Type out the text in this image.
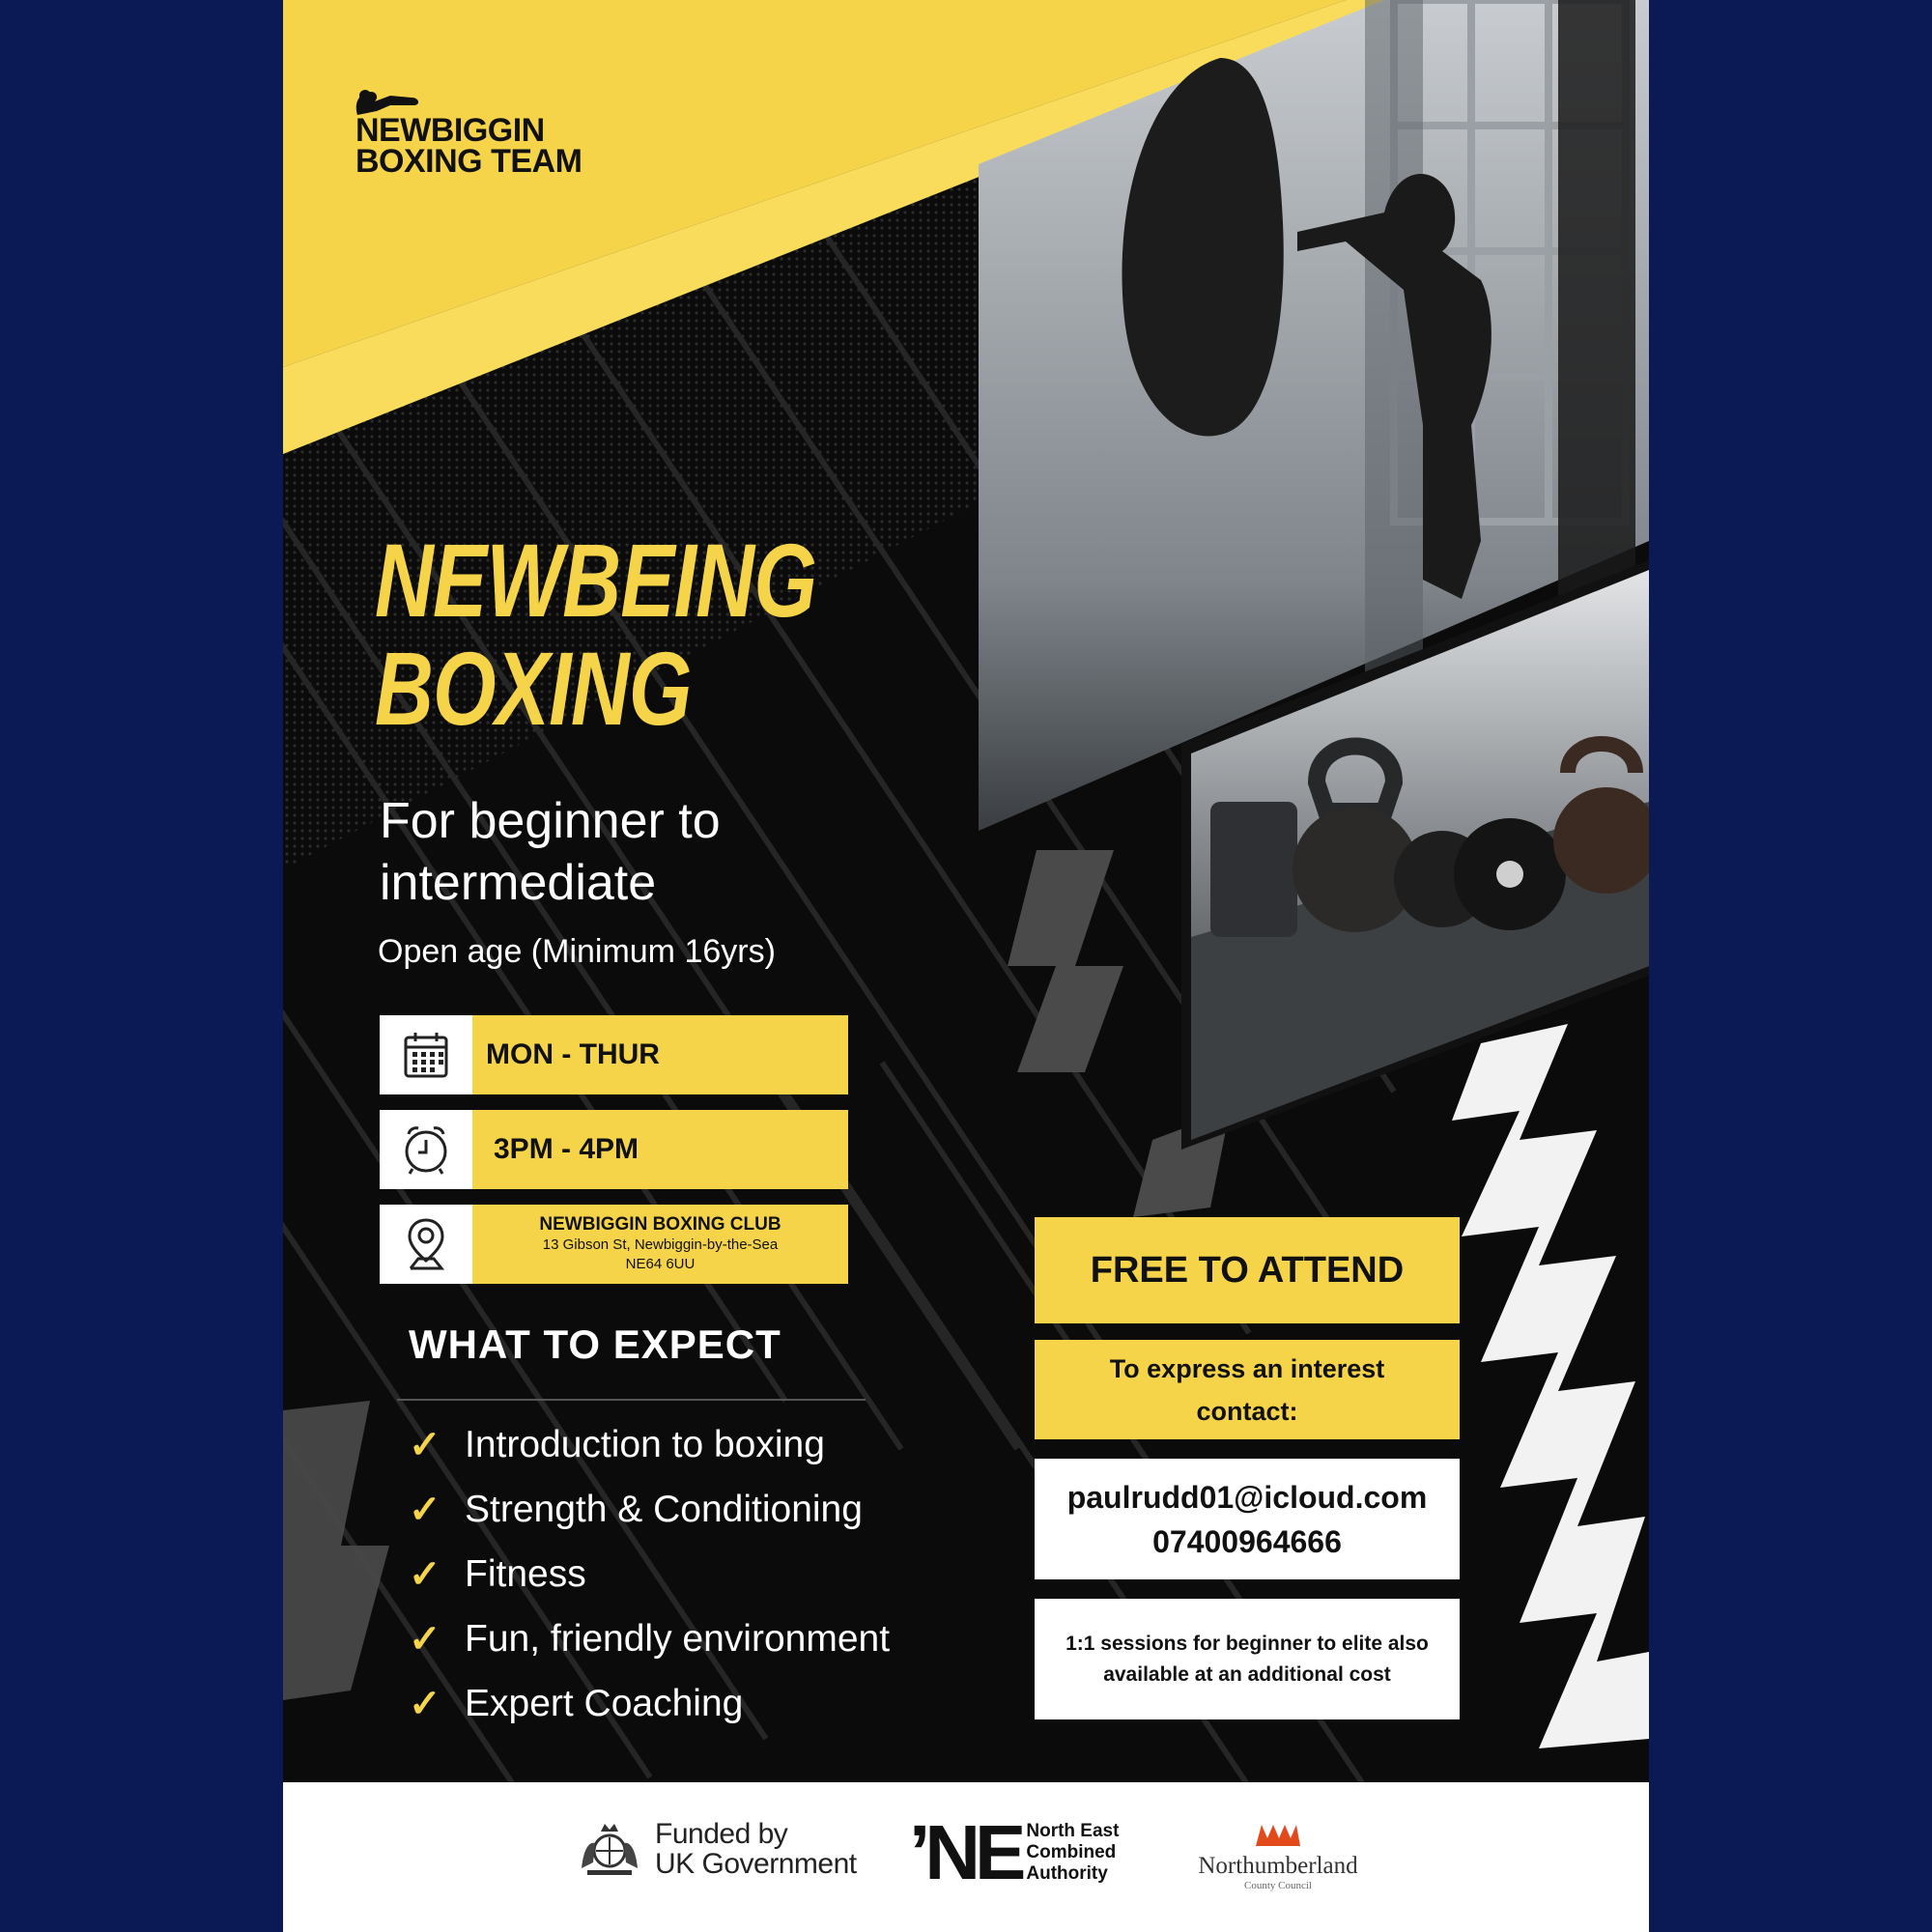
NEWBIGGIN
BOXING TEAM
NEWBEING
BOXING
For beginner to
intermediate
Open age (Minimum 16yrs)
MON - THUR
3PM - 4PM
NEWBIGGIN BOXING CLUB
13 Gibson St, Newbiggin-by-the-Sea
NE64 6UU
WHAT TO EXPECT
✓ Introduction to boxing
✓ Strength & Conditioning
✓ Fitness
✓ Fun, friendly environment
✓ Expert Coaching
FREE TO ATTEND
To express an interest
contact:
paulrudd01@icloud.com
07400964666
1:1 sessions for beginner to elite also
available at an additional cost
Funded by
UK Government ʼNE North East
Combined
Authority	Northumberland
County Council
